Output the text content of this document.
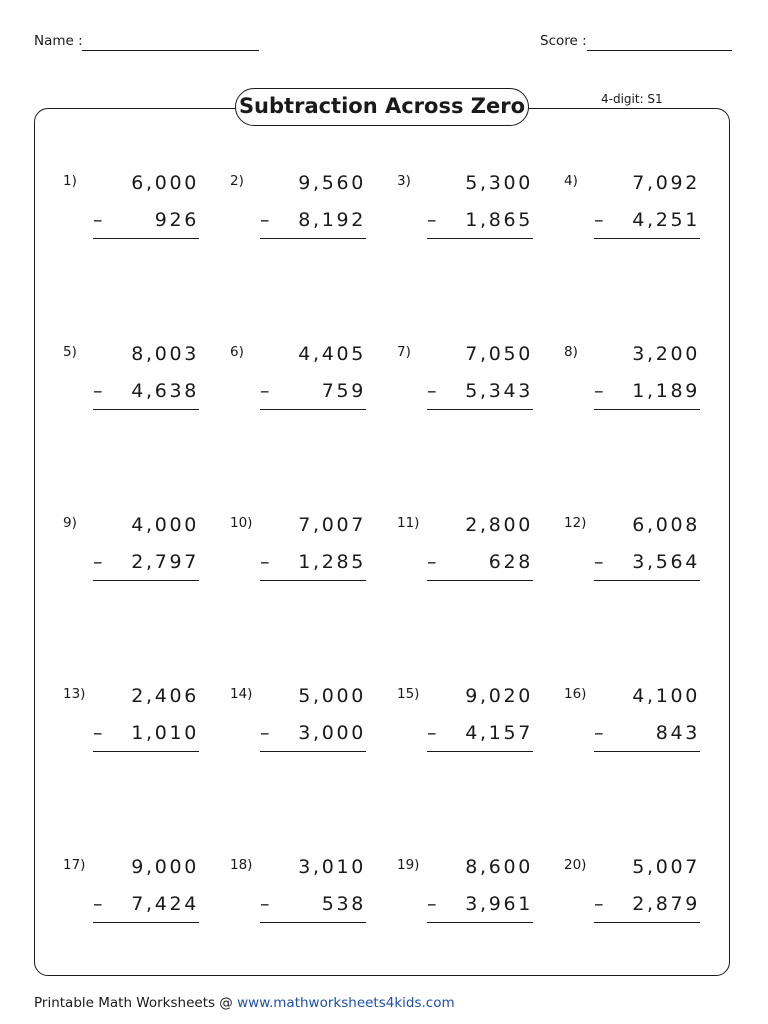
Name :	Score :
Subtraction Across Zero	4-digit: S1
1)	6,000
–	926
2)	9,560
– 8,192
3)	5,300
– 1,865
4)	7,092
– 4,251
5)	8,003
– 4,638
6)	4,405
–	759
7)	7,050
– 5,343
8)	3,200
– 1,189
9)	4,000
– 2,797
10) 7,007
– 1,285
11) 2,800
–	628
12) 6,008
– 3,564
13) 2,406
– 1,010
14) 5,000
– 3,000
15) 9,020
– 4,157
16) 4,100
–	843
17) 9,000
– 7,424
18) 3,010
–	538
19) 8,600
– 3,961
20) 5,007
– 2,879
Printable Math Worksheets @ www.mathworksheets4kids.com
